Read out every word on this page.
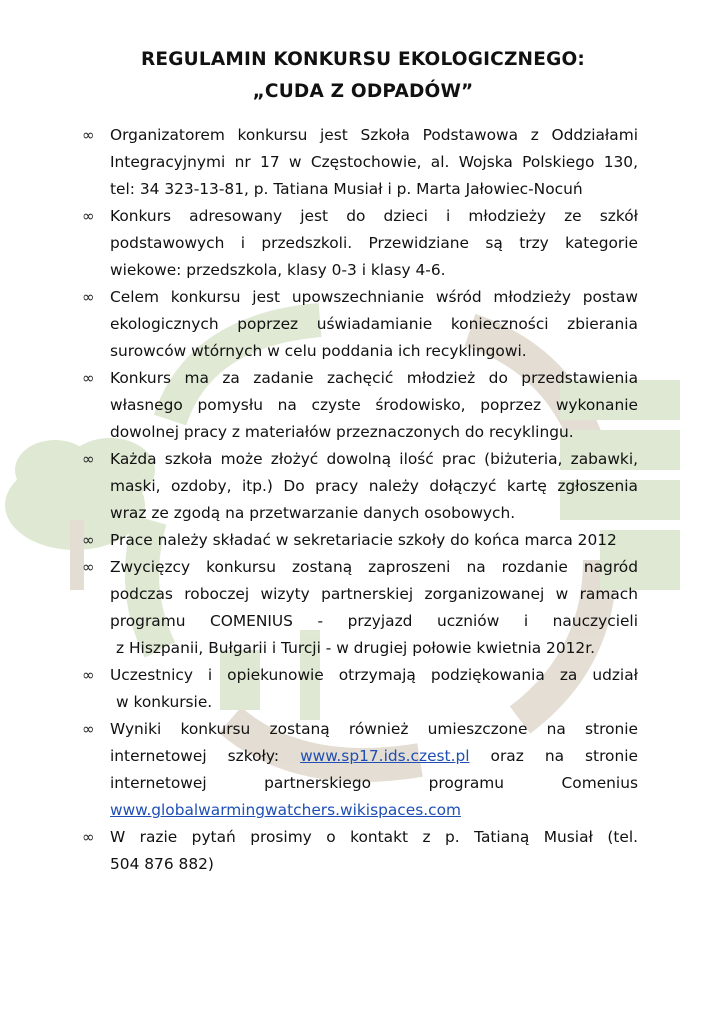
REGULAMIN KONKURSU EKOLOGICZNEGO:

„CUDA Z ODPADÓW”
∞ Organizatorem konkursu jest Szkoła Podstawowa z Oddziałami
Integracyjnymi nr 17 w Częstochowie, al. Wojska Polskiego 130,
tel: 34 323-13-81, p. Tatiana Musiał i p. Marta Jałowiec-Nocuń
∞ Konkurs adresowany jest do dzieci i młodzieży ze szkół
podstawowych i przedszkoli. Przewidziane są trzy kategorie
wiekowe: przedszkola, klasy 0-3 i klasy 4-6.
∞ Celem konkursu jest upowszechnianie wśród młodzieży postaw
ekologicznych poprzez uświadamianie konieczności zbierania
surowców wtórnych w celu poddania ich recyklingowi.
∞ Konkurs ma za zadanie zachęcić młodzież do przedstawienia
własnego pomysłu na czyste środowisko, poprzez wykonanie
dowolnej pracy z materiałów przeznaczonych do recyklingu.
∞ Każda szkoła może złożyć dowolną ilość prac (biżuteria, zabawki,
maski, ozdoby, itp.) Do pracy należy dołączyć kartę zgłoszenia
wraz ze zgodą na przetwarzanie danych osobowych.
∞ Prace należy składać w sekretariacie szkoły do końca marca 2012
∞ Zwycięzcy konkursu zostaną zaproszeni na rozdanie nagród
podczas roboczej wizyty partnerskiej zorganizowanej w ramach
programu COMENIUS - przyjazd uczniów i nauczycieli
z Hiszpanii, Bułgarii i Turcji - w drugiej połowie kwietnia 2012r.
∞ Uczestnicy i opiekunowie otrzymają podziękowania za udział
w konkursie.
∞ Wyniki konkursu zostaną również umieszczone na stronie
internetowej szkoły: www.sp17.ids.czest.pl oraz na stronie
internetowej partnerskiego programu Comenius
www.globalwarmingwatchers.wikispaces.com
∞ W razie pytań prosimy o kontakt z p. Tatianą Musiał (tel.
504 876 882)
